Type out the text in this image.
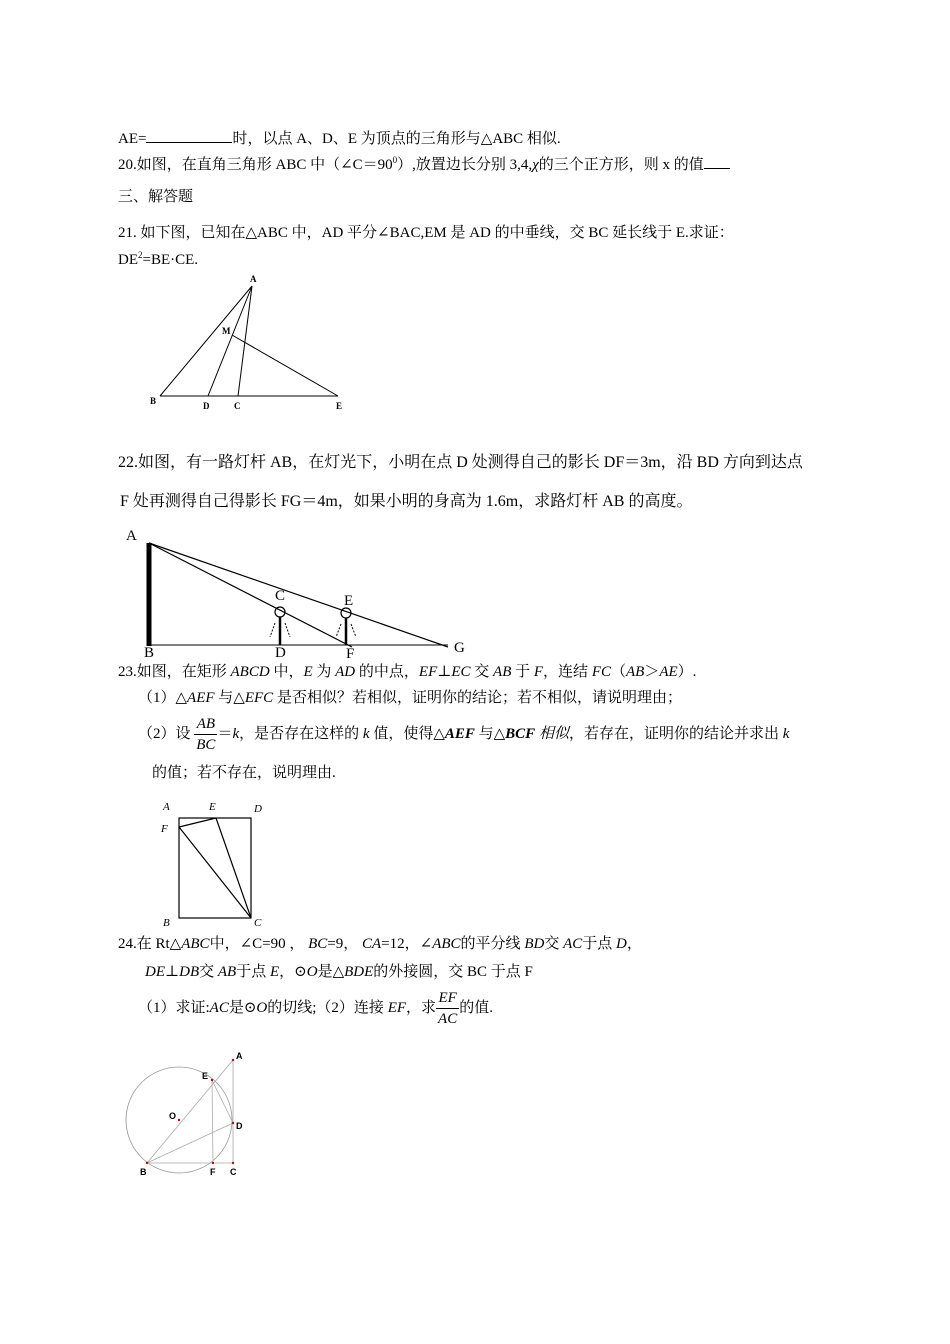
AE=	时，以点 A、D、E 为顶点的三角形与△ABC 相似.
20.如图，在直角三角形 ABC 中$(\angle C=90^0)$,放置边长分别 3,4,χ的三个正方形，则 x 的值
三、解答题
21. 如下图，已知在△ABC 中，AD 平分∠BAC,EM 是 AD 的中垂线，交 BC 延长线于 E.求证：
$DE^2=BE\cdot CE$.
A
M
B	D	C	E
22.如图，有一路灯杆 AB，在灯光下，小明在点 D 处测得自己的影长 DF＝3m，沿 BD 方向到达点
F 处再测得自己得影长 FG＝4m，如果小明的身高为 1.6m，求路灯杆 AB 的高度。
A
B
C
D
E
F	G
23.如图，在矩形 ABCD 中，E 为 AD 的中点，EF⊥EC 交 AB 于 F，连结 FC（AB＞AE）.
（1）△AEF 与△EFC 是否相似？若相似，证明你的结论；若不相似，请说明理由；
（2）设 $\frac{AB}{BC} =k$，是否存在这样的 k 值，使得△AEF 与△BCF 相似，若存在，证明你的结论并求出 k
的值；若不存在，说明理由.
A	E	D
F
B	C
24.在 Rt△ABC中，∠C=90 ， BC=9， CA=12，∠ABC的平分线 BD交 AC于点 D，
DE⊥DB交 AB于点 E，⊙O是△BDE的外接圆，交 BC 于点 F
（1）求证:AC是⊙O的切线;（2）连接 EF，求 $\frac{EF}{AC}$ 的值.
A
E
O
D
B	F C
